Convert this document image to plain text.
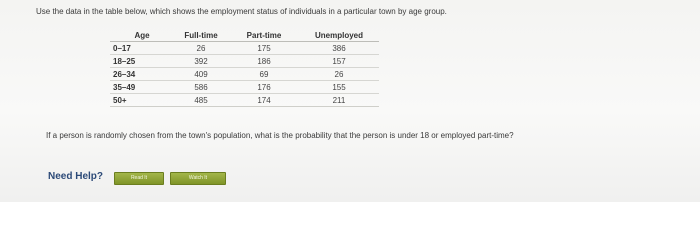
Use the data in the table below, which shows the employment status of individuals in a particular town by age group.
Age	Full-time	Part-time	Unemployed
0–17	26	175	386
18–25	392	186	157
26–34	409	69	26
35–49	586	176	155
50+	485	174	211
If a person is randomly chosen from the town's population, what is the probability that the person is under 18 or employed part-time?
Need Help?	Read It	Watch It
